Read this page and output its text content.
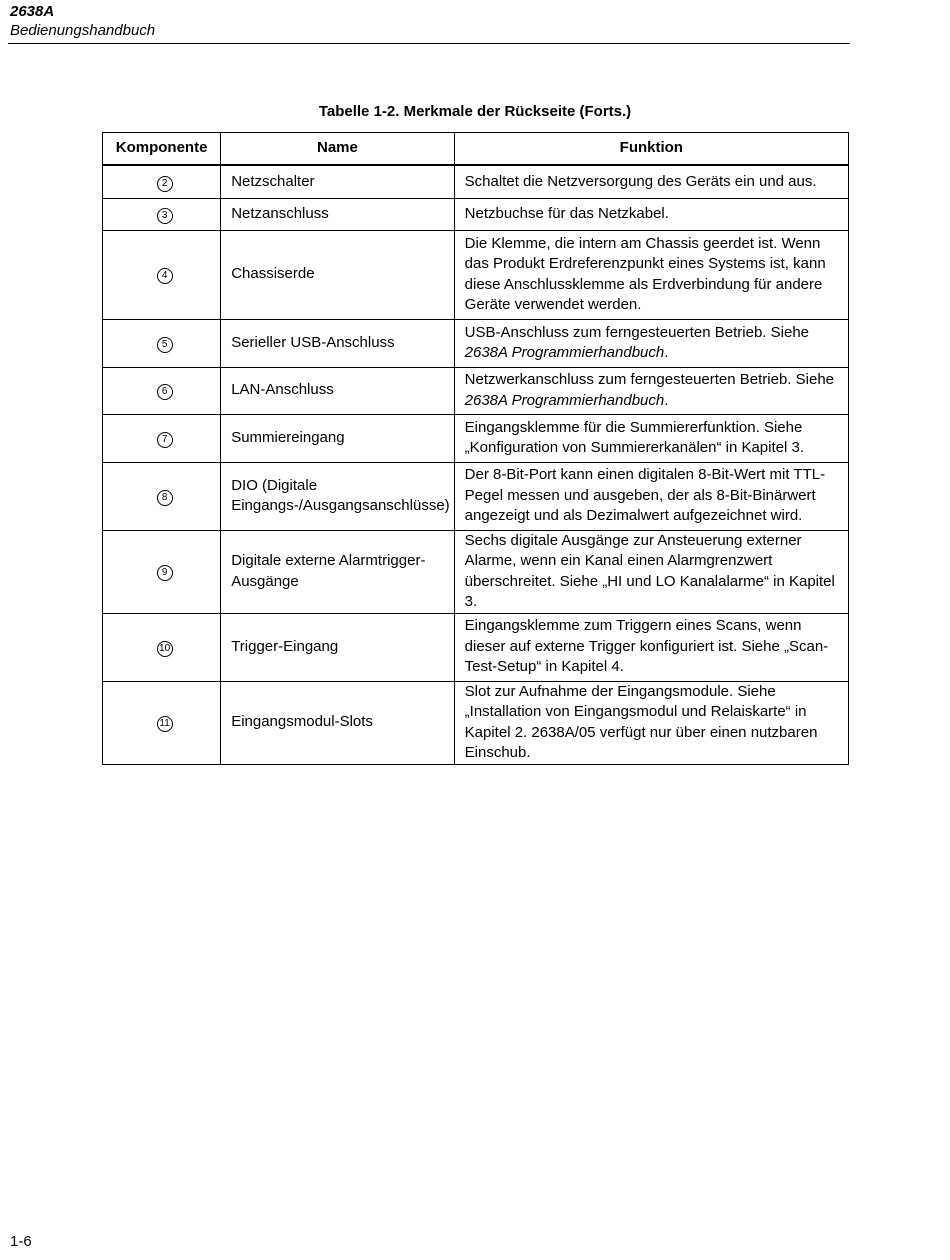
2638A
Bedienungshandbuch
Tabelle 1-2. Merkmale der Rückseite (Forts.)
Komponente	Name	Funktion
2	Netzschalter	Schaltet die Netzversorgung des Geräts ein und aus.
3	Netzanschluss	Netzbuchse für das Netzkabel.
4	Chassiserde	Die Klemme, die intern am Chassis geerdet ist. Wenn das Produkt Erdreferenzpunkt eines Systems ist, kann diese Anschlussklemme als Erdverbindung für andere Geräte verwendet werden.
5	Serieller USB-Anschluss	USB-Anschluss zum ferngesteuerten Betrieb. Siehe 2638A Programmierhandbuch.
6	LAN-Anschluss	Netzwerkanschluss zum ferngesteuerten Betrieb. Siehe 2638A Programmierhandbuch.
7	Summiereingang	Eingangsklemme für die Summiererfunktion. Siehe „Konfiguration von Summiererkanälen“ in Kapitel 3.
8	DIO (Digitale Eingangs-/Ausgangsanschlüsse)	Der 8-Bit-Port kann einen digitalen 8-Bit-Wert mit TTL-Pegel messen und ausgeben, der als 8-Bit-Binärwert angezeigt und als Dezimalwert aufgezeichnet wird.
9	Digitale externe Alarmtrigger-Ausgänge	Sechs digitale Ausgänge zur Ansteuerung externer Alarme, wenn ein Kanal einen Alarmgrenzwert überschreitet. Siehe „HI und LO Kanalalarme“ in Kapitel 3.
10	Trigger-Eingang	Eingangsklemme zum Triggern eines Scans, wenn dieser auf externe Trigger konfiguriert ist. Siehe „Scan-Test-Setup“ in Kapitel 4.
11	Eingangsmodul-Slots	Slot zur Aufnahme der Eingangsmodule. Siehe „Installation von Eingangsmodul und Relaiskarte“ in Kapitel 2. 2638A/05 verfügt nur über einen nutzbaren Einschub.
1-6
